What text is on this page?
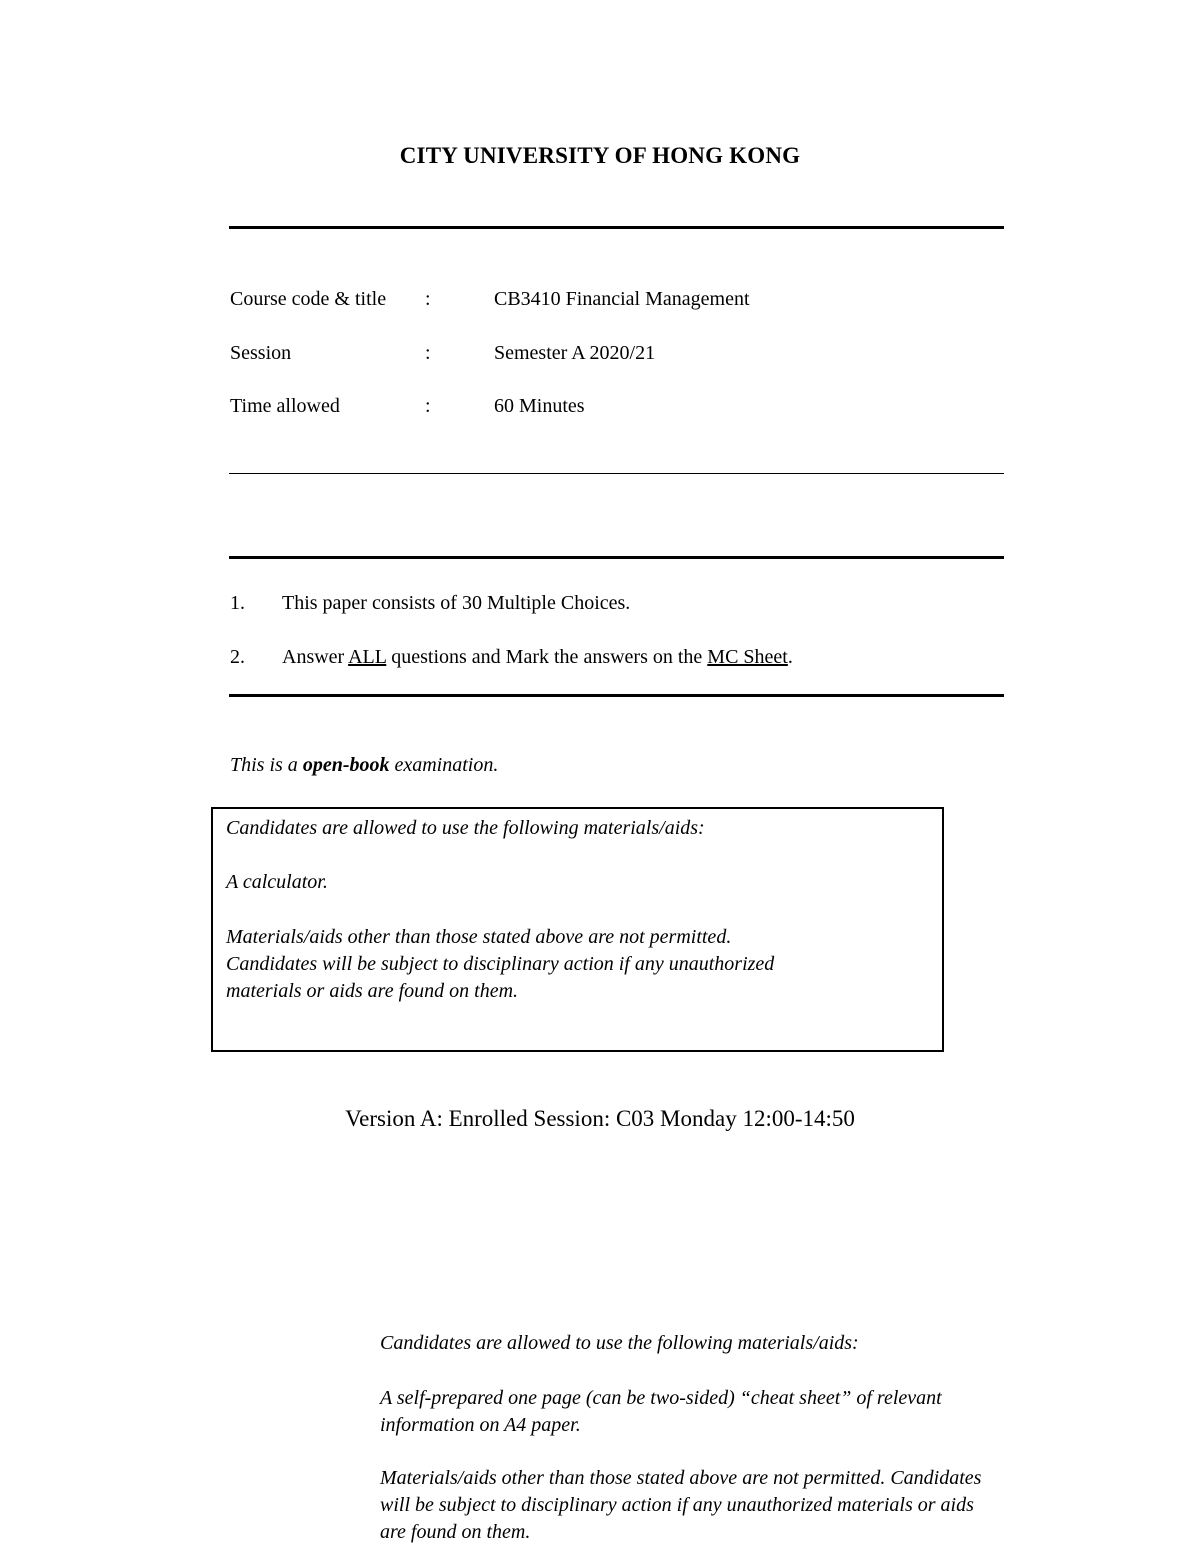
CITY UNIVERSITY OF HONG KONG
Course code & title :	CB3410 Financial Management
Session	:	Semester A 2020/21
Time allowed	:	60 Minutes
1. This paper consists of 30 Multiple Choices.
2. Answer ALL questions and Mark the answers on the MC Sheet.
This is a open-book examination.
Candidates are allowed to use the following materials/aids:
A calculator.
Materials/aids other than those stated above are not permitted.
Candidates will be subject to disciplinary action if any unauthorized
materials or aids are found on them.
Version A: Enrolled Session: C03 Monday 12:00-14:50
Candidates are allowed to use the following materials/aids:
A self-prepared one page (can be two-sided) “cheat sheet” of relevant
information on A4 paper.
Materials/aids other than those stated above are not permitted. Candidates
will be subject to disciplinary action if any unauthorized materials or aids
are found on them.
